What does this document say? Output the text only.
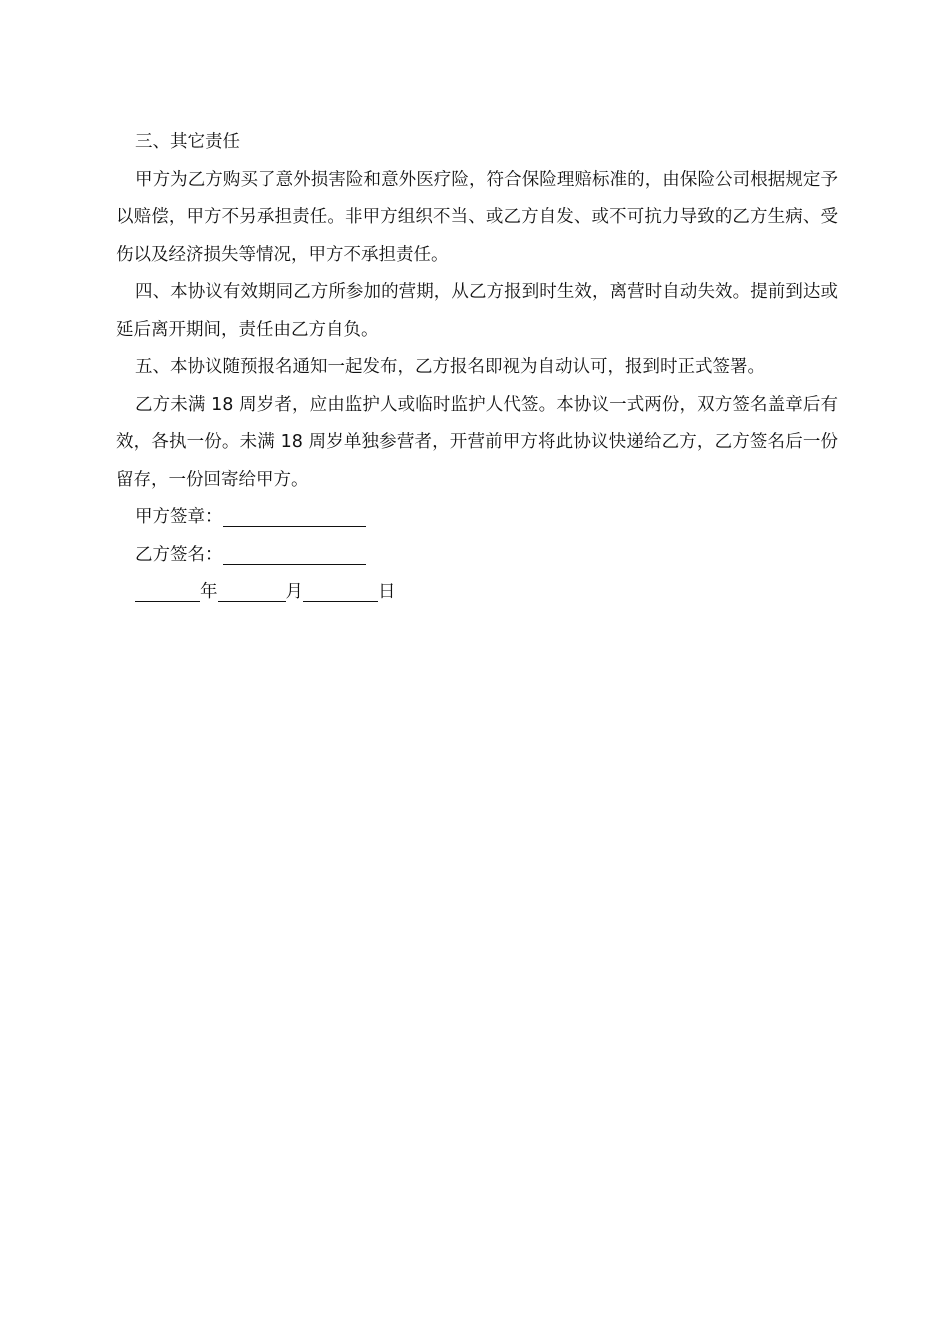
三、其它责任

甲方为乙方购买了意外损害险和意外医疗险，符合保险理赔标准的，由保险公司根据规定予以赔偿，甲方不另承担责任。非甲方组织不当、或乙方自发、或不可抗力导致的乙方生病、受伤以及经济损失等情况，甲方不承担责任。

四、本协议有效期同乙方所参加的营期，从乙方报到时生效，离营时自动失效。提前到达或延后离开期间，责任由乙方自负。

五、本协议随预报名通知一起发布，乙方报名即视为自动认可，报到时正式签署。

乙方未满 18 周岁者，应由监护人或临时监护人代签。本协议一式两份，双方签名盖章后有效，各执一份。未满 18 周岁单独参营者，开营前甲方将此协议快递给乙方，乙方签名后一份留存，一份回寄给甲方。

甲方签章：

乙方签名：

年	月	日
